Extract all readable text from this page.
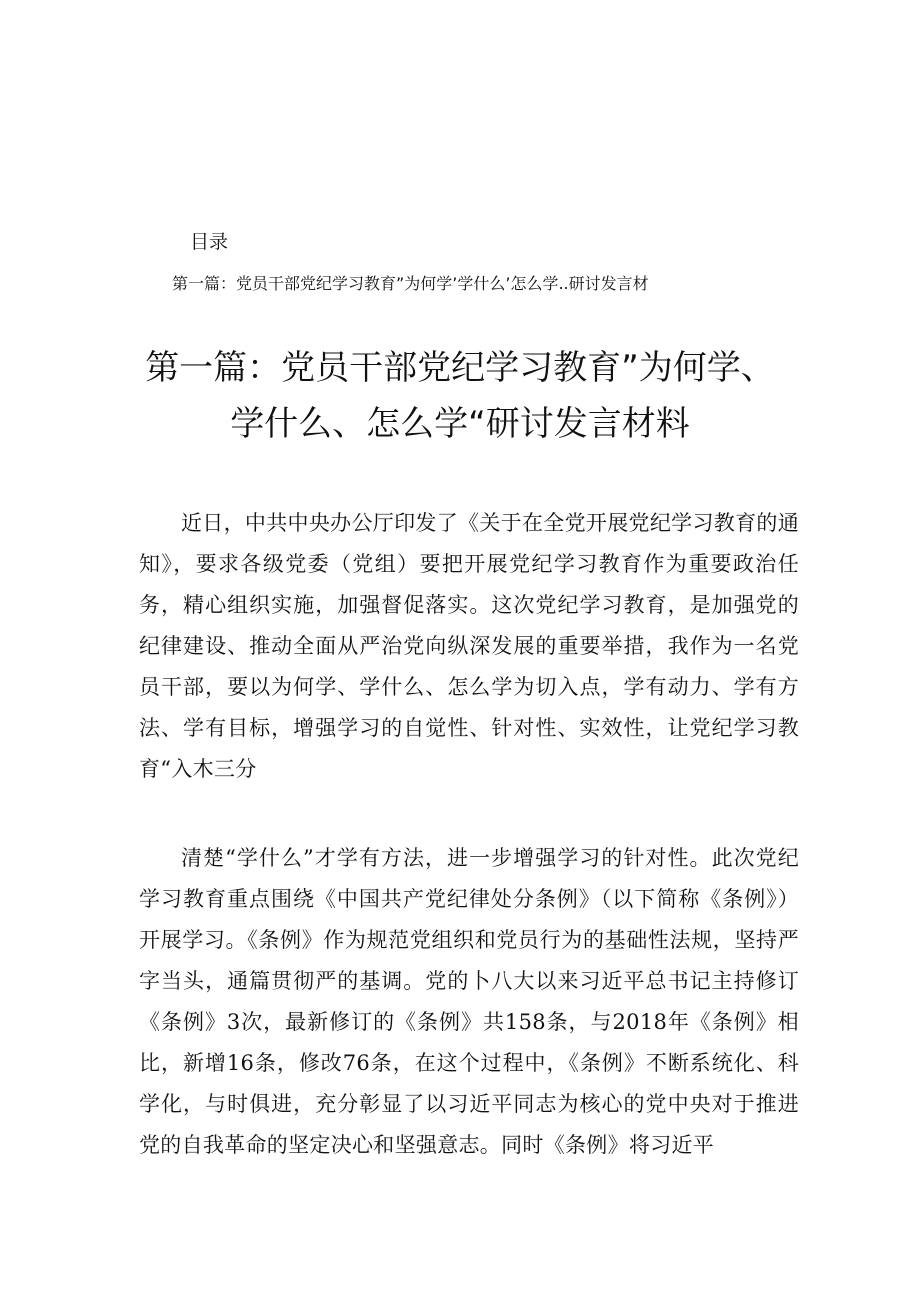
目录
第一篇：党员干部党纪学习教育”为何学’学什么’怎么学..研讨发言材
第一篇：党员干部党纪学习教育”为何学、
学什么、怎么学“研讨发言材料

近日，中共中央办公厅印发了《关于在全党开展党纪学习教育的通知》，要求各级党委（党组）要把开展党纪学习教育作为重要政治任务，精心组织实施，加强督促落实。这次党纪学习教育，是加强党的纪律建设、推动全面从严治党向纵深发展的重要举措，我作为一名党员干部，要以为何学、学什么、怎么学为切入点，学有动力、学有方法、学有目标，增强学习的自觉性、针对性、实效性，让党纪学习教育“入木三分

清楚“学什么”才学有方法，进一步增强学习的针对性。此次党纪学习教育重点围绕《中国共产党纪律处分条例》（以下简称《条例》）开展学习。《条例》作为规范党组织和党员行为的基础性法规，坚持严字当头，通篇贯彻严的基调。党的卜八大以来习近平总书记主持修订《条例》3次，最新修订的《条例》共158条，与2018年《条例》相比，新增16条，修改76条，在这个过程中，《条例》不断系统化、科学化，与时俱进，充分彰显了以习近平同志为核心的党中央对于推进党的自我革命的坚定决心和坚强意志。同时《条例》将习近平
